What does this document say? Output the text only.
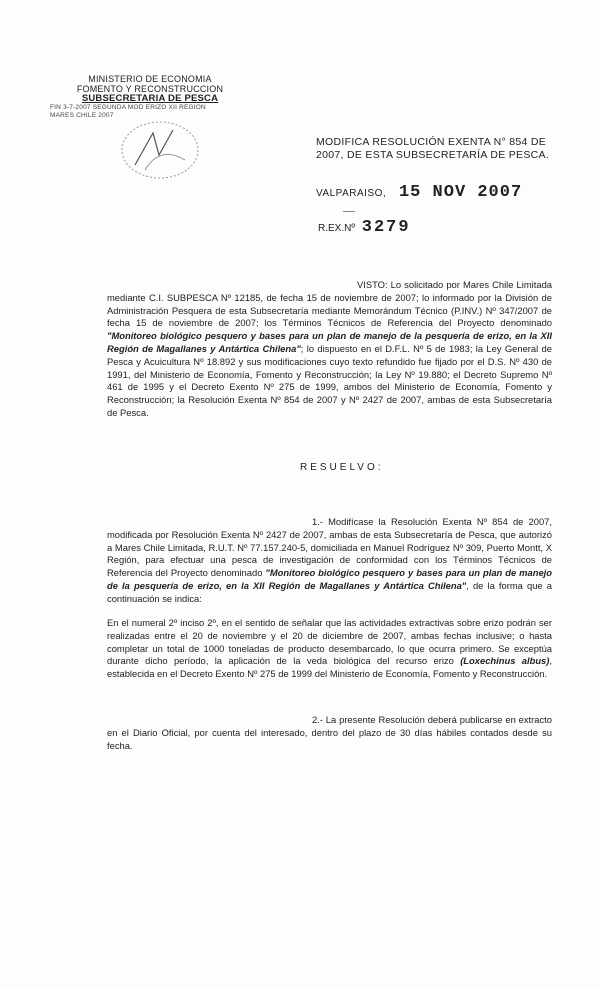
MINISTERIO DE ECONOMIA
FOMENTO Y RECONSTRUCCION
SUBSECRETARIA DE PESCA
FIN 3-7-2007 SEGUNDA MOD ERIZO XII REGION
MARES CHILE 2007
MODIFICA RESOLUCIÓN EXENTA N° 854 DE 2007, DE ESTA SUBSECRETARÍA DE PESCA.
VALPARAISO, 15 NOV 2007
R.EX.Nº 3279
VISTO: Lo solicitado por Mares Chile Limitada mediante C.I. SUBPESCA Nº 12185, de fecha 15 de noviembre de 2007; lo informado por la División de Administración Pesquera de esta Subsecretaría mediante Memorándum Técnico (P.INV.) Nº 347/2007 de fecha 15 de noviembre de 2007; los Términos Técnicos de Referencia del Proyecto denominado "Monitoreo biológico pesquero y bases para un plan de manejo de la pesquería de erizo, en la XII Región de Magallanes y Antártica Chilena"; lo dispuesto en el D.F.L. Nº 5 de 1983; la Ley General de Pesca y Acuicultura Nº 18.892 y sus modificaciones cuyo texto refundido fue fijado por el D.S. Nº 430 de 1991, del Ministerio de Economía, Fomento y Reconstrucción; la Ley Nº 19.880; el Decreto Supremo Nº 461 de 1995 y el Decreto Exento Nº 275 de 1999, ambos del Ministerio de Economía, Fomento y Reconstrucción; la Resolución Exenta Nº 854 de 2007 y Nº 2427 de 2007, ambas de esta Subsecretaría de Pesca.
RESUELVO:
1.- Modifícase la Resolución Exenta Nº 854 de 2007, modificada por Resolución Exenta Nº 2427 de 2007, ambas de esta Subsecretaría de Pesca, que autorizó a Mares Chile Limitada, R.U.T. Nº 77.157.240-5, domiciliada en Manuel Rodríguez Nº 309, Puerto Montt, X Región, para efectuar una pesca de investigación de conformidad con los Términos Técnicos de Referencia del Proyecto denominado "Monitoreo biológico pesquero y bases para un plan de manejo de la pesquería de erizo, en la XII Región de Magallanes y Antártica Chilena", de la forma que a continuación se indica:
En el numeral 2º inciso 2º, en el sentido de señalar que las actividades extractivas sobre erizo podrán ser realizadas entre el 20 de noviembre y el 20 de diciembre de 2007, ambas fechas inclusive; o hasta completar un total de 1000 toneladas de producto desembarcado, lo que ocurra primero. Se exceptúa durante dicho período, la aplicación de la veda biológica del recurso erizo (Loxechinus albus), establecida en el Decreto Exento Nº 275 de 1999 del Ministerio de Economía, Fomento y Reconstrucción.
2.- La presente Resolución deberá publicarse en extracto en el Diario Oficial, por cuenta del interesado, dentro del plazo de 30 días hábiles contados desde su fecha.
